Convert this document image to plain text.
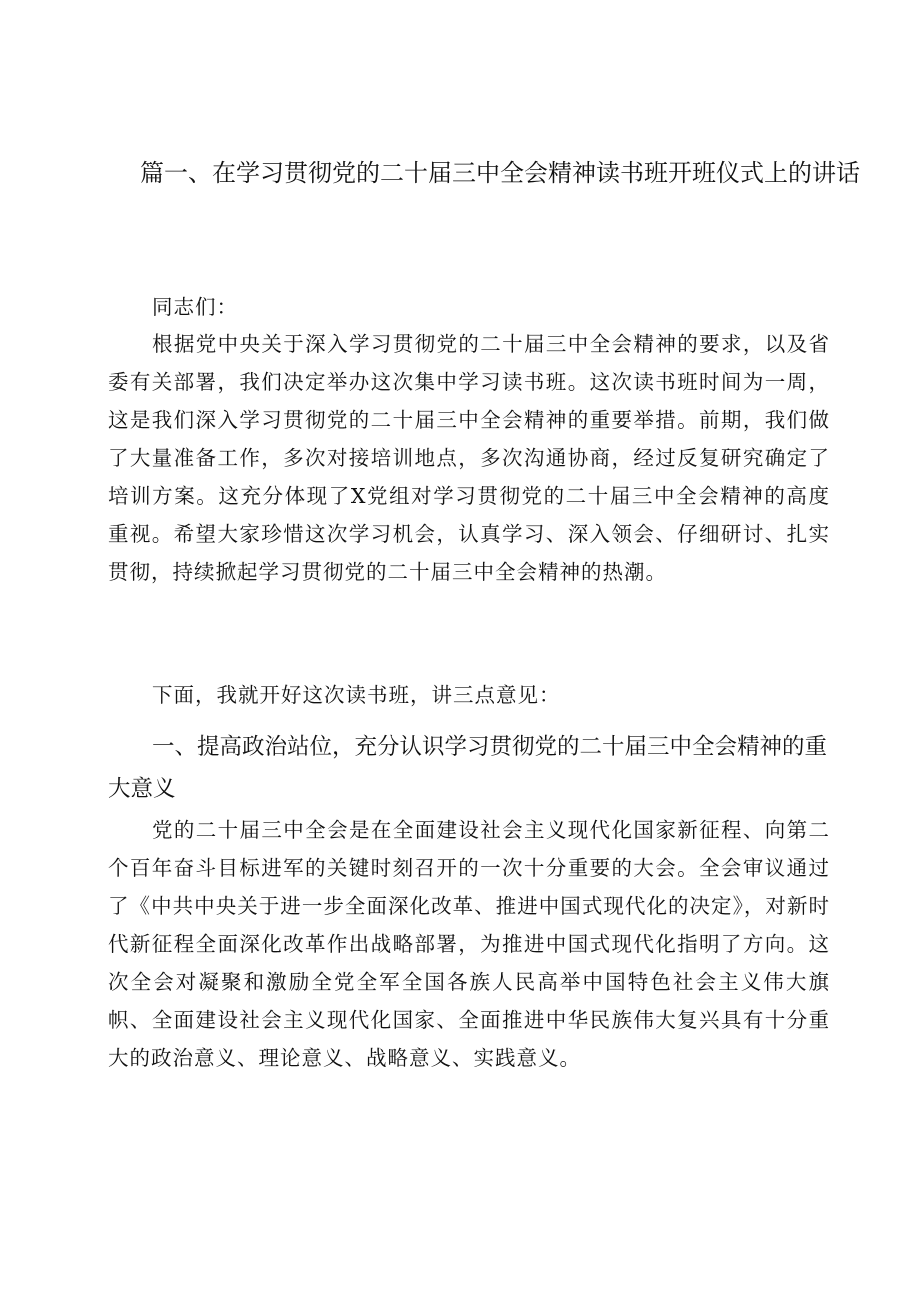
篇一、在学习贯彻党的二十届三中全会精神读书班开班仪式上的讲话
同志们：
根据党中央关于深入学习贯彻党的二十届三中全会精神的要求，以及省委有关部署，我们决定举办这次集中学习读书班。这次读书班时间为一周，这是我们深入学习贯彻党的二十届三中全会精神的重要举措。前期，我们做了大量准备工作，多次对接培训地点，多次沟通协商，经过反复研究确定了培训方案。这充分体现了X党组对学习贯彻党的二十届三中全会精神的高度重视。希望大家珍惜这次学习机会，认真学习、深入领会、仔细研讨、扎实贯彻，持续掀起学习贯彻党的二十届三中全会精神的热潮。
下面，我就开好这次读书班，讲三点意见：
一、提高政治站位，充分认识学习贯彻党的二十届三中全会精神的重大意义
党的二十届三中全会是在全面建设社会主义现代化国家新征程、向第二个百年奋斗目标进军的关键时刻召开的一次十分重要的大会。全会审议通过了《中共中央关于进一步全面深化改革、推进中国式现代化的决定》，对新时代新征程全面深化改革作出战略部署，为推进中国式现代化指明了方向。这次全会对凝聚和激励全党全军全国各族人民高举中国特色社会主义伟大旗帜、全面建设社会主义现代化国家、全面推进中华民族伟大复兴具有十分重大的政治意义、理论意义、战略意义、实践意义。
